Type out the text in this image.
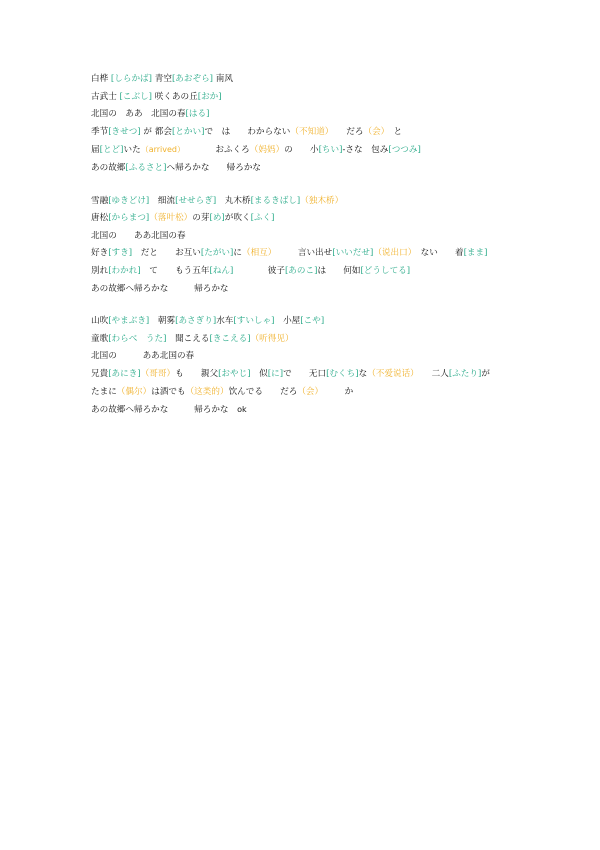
白桦 [しらかば] 青空[あおぞら] 南风
古武士 [こぶし] 咲くあの丘[おか]
北国の　ああ　北国の春[はる]
季节[きせつ] が 都会[とかい]で　は　　わからない（不知道）　　だろ（会）　と
届[とど]いた（arrived）　　　　おふくろ（妈妈）の　　小[ちい]-さな　包み[つつみ]
あの故郷[ふるさと]へ帰ろかな　　帰ろかな
雪融[ゆきどけ]　细流[せせらぎ]　丸木桥[まるきばし]（独木桥）
唐松[からまつ]（落叶松）の芽[め]が吹く[ふく]
北国の　　ああ北国の春
好き[すき]　だと　　お互い[たがい]に（相互）　　　言い出せ[いいだせ]（说出口）　ない　　着[まま]
別れ[わかれ]　て　　もう五年[ねん]　　　　彼子[あのこ]は　　何如[どうしてる]
あの故郷へ帰ろかな　　　帰ろかな
山吹[やまぶき]　朝雾[あさぎり]水车[すいしゃ]　小屋[こや]
童歌[わらべ　うた]　聞こえる[きこえる]（听得见）
北国の　　　ああ北国の春
兄貴[あにき]（哥哥）も　　親父[おやじ]　似[に]で　　无口[むくち]な（不爱说话）　　二人[ふたり]が
たまに（偶尔）は酒でも（这类的）饮んでる　　だろ（会）　　　か
あの故郷へ帰ろかな　　　帰ろかな　ok
